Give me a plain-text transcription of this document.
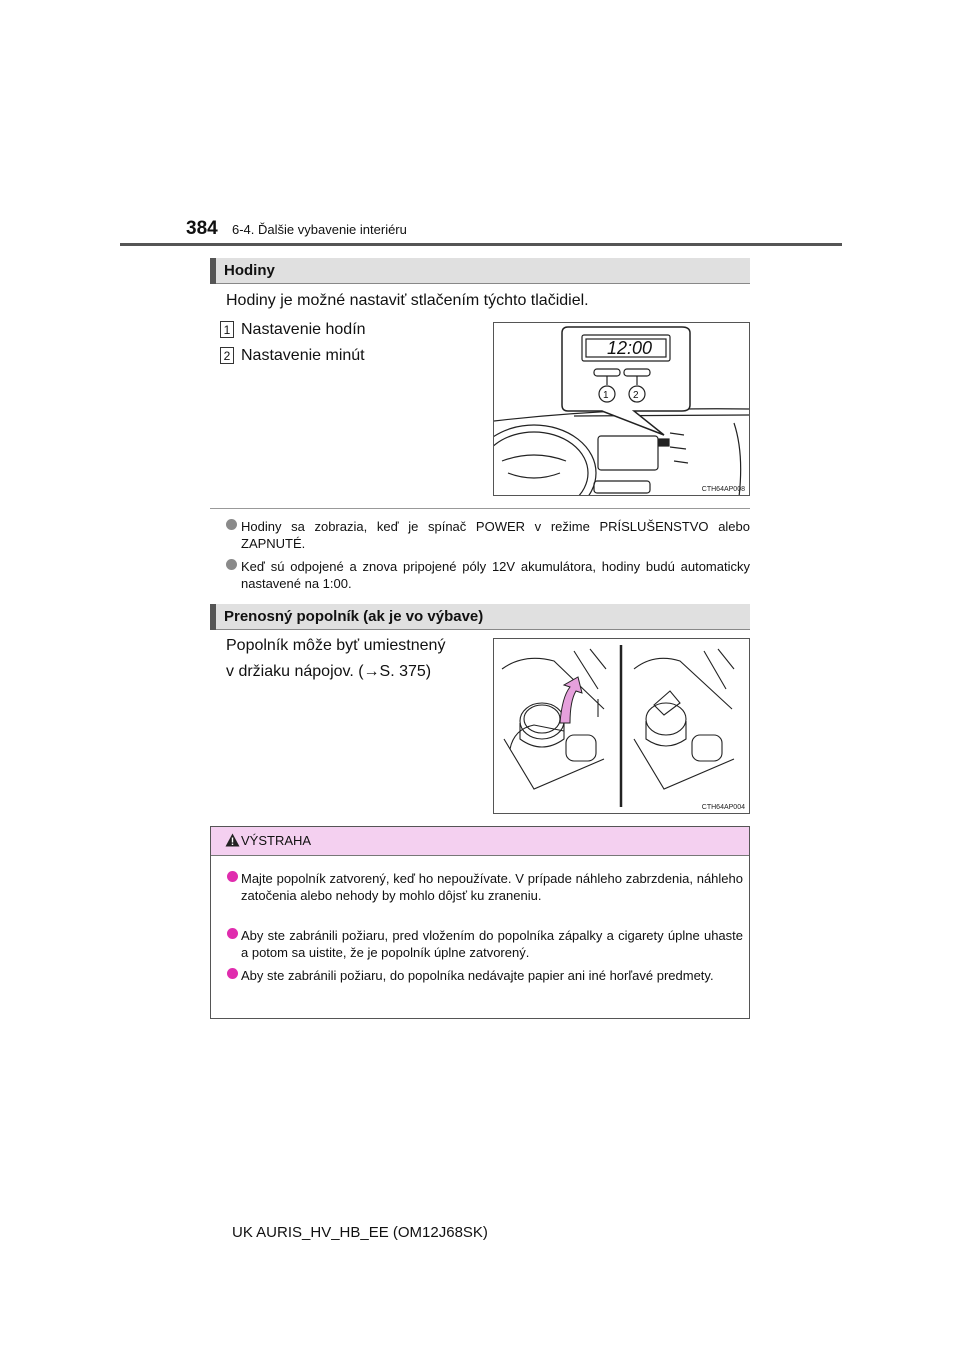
384 6-4. Ďalšie vybavenie interiéru
Hodiny
Hodiny je možné nastaviť stlačením týchto tlačidiel.
1 Nastavenie hodín
2 Nastavenie minút	12:00
1 2
CTH64AP008
Hodiny sa zobrazia, keď je spínač POWER v režime PRÍSLUŠENSTVO alebo ZAPNUTÉ.
Keď sú odpojené a znova pripojené póly 12V akumulátora, hodiny budú automaticky nastavené na 1:00.
Prenosný popolník (ak je vo výbave)
Popolník môže byť umiestnený
v držiaku nápojov. (→S. 375)
CTH64AP004
VÝSTRAHA
Majte popolník zatvorený, keď ho nepoužívate. V prípade náhleho zabrzdenia, náhleho zatočenia alebo nehody by mohlo dôjsť ku zraneniu.
Aby ste zabránili požiaru, pred vložením do popolníka zápalky a cigarety úplne uhaste a potom sa uistite, že je popolník úplne zatvorený.
Aby ste zabránili požiaru, do popolníka nedávajte papier ani iné horľavé predmety.
UK AURIS_HV_HB_EE (OM12J68SK)
